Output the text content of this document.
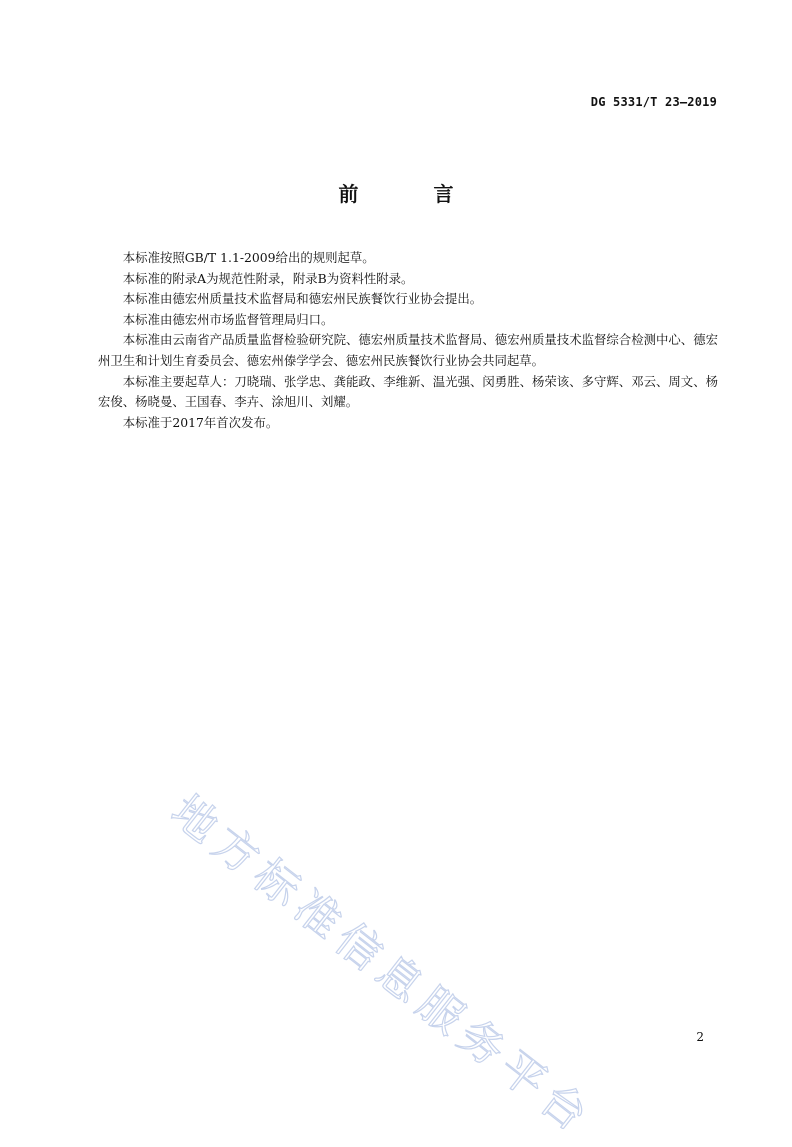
DG 5331/T 23—2019
前 言

本标准按照GB/T 1.1-2009给出的规则起草。

本标准的附录A为规范性附录，附录B为资料性附录。

本标准由德宏州质量技术监督局和德宏州民族餐饮行业协会提出。

本标准由德宏州市场监督管理局归口。

本标准由云南省产品质量监督检验研究院、德宏州质量技术监督局、德宏州质量技术监督综合检测中心、德宏州卫生和计划生育委员会、德宏州傣学学会、德宏州民族餐饮行业协会共同起草。

本标准主要起草人：刀晓瑞、张学忠、龚能政、李维新、温光强、闵勇胜、杨荣该、多守辉、邓云、周文、杨宏俊、杨晓曼、王国春、李卉、涂旭川、刘耀。

本标准于2017年首次发布。

地方标准信息服务平台	2
